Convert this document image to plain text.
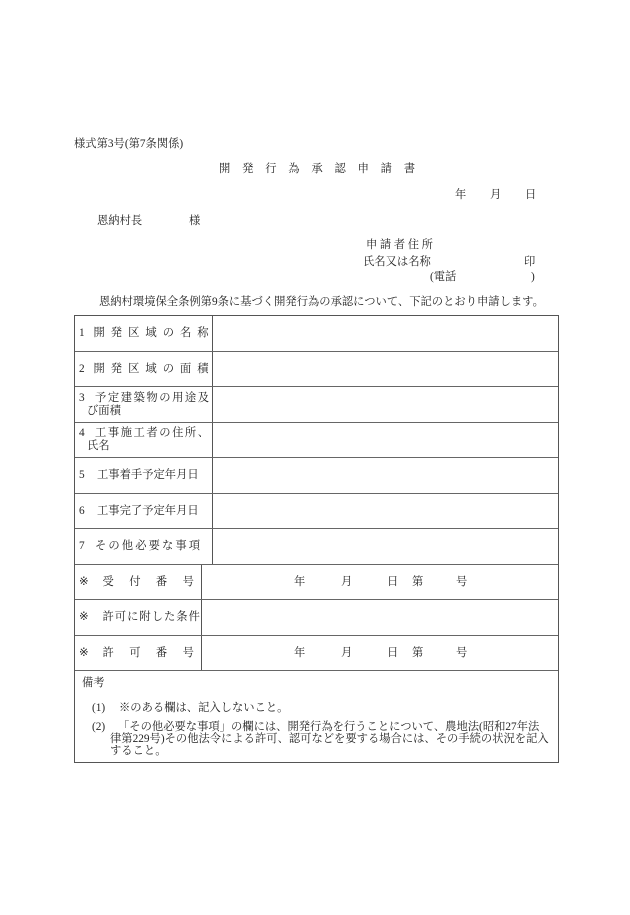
様式第3号(第7条関係)
開発行為承認申請書
年 月 日
恩納村長	様
申請者住所
氏名又は名称	印
(電話	)
恩納村環境保全条例第9条に基づく開発行為の承認について、下記のとおり申請します。
1 開発区域の名称
2 開発区域の面積
3 予定建築物の用途及
び面積
4 工事施工者の住所、
氏名
5 工事着手予定年月日
6 工事完了予定年月日
7 その他必要な事項
※ 受付番号	年	月	日 第	号
※ 許可に附した条件
※ 許可番号	年	月	日 第	号
備考
(1) ※のある欄は、記入しないこと。
(2) 「その他必要な事項」の欄には、開発行為を行うことについて、農地法(昭和27年法
律第229号)その他法令による許可、認可などを要する場合には、その手続の状況を記入
すること。
